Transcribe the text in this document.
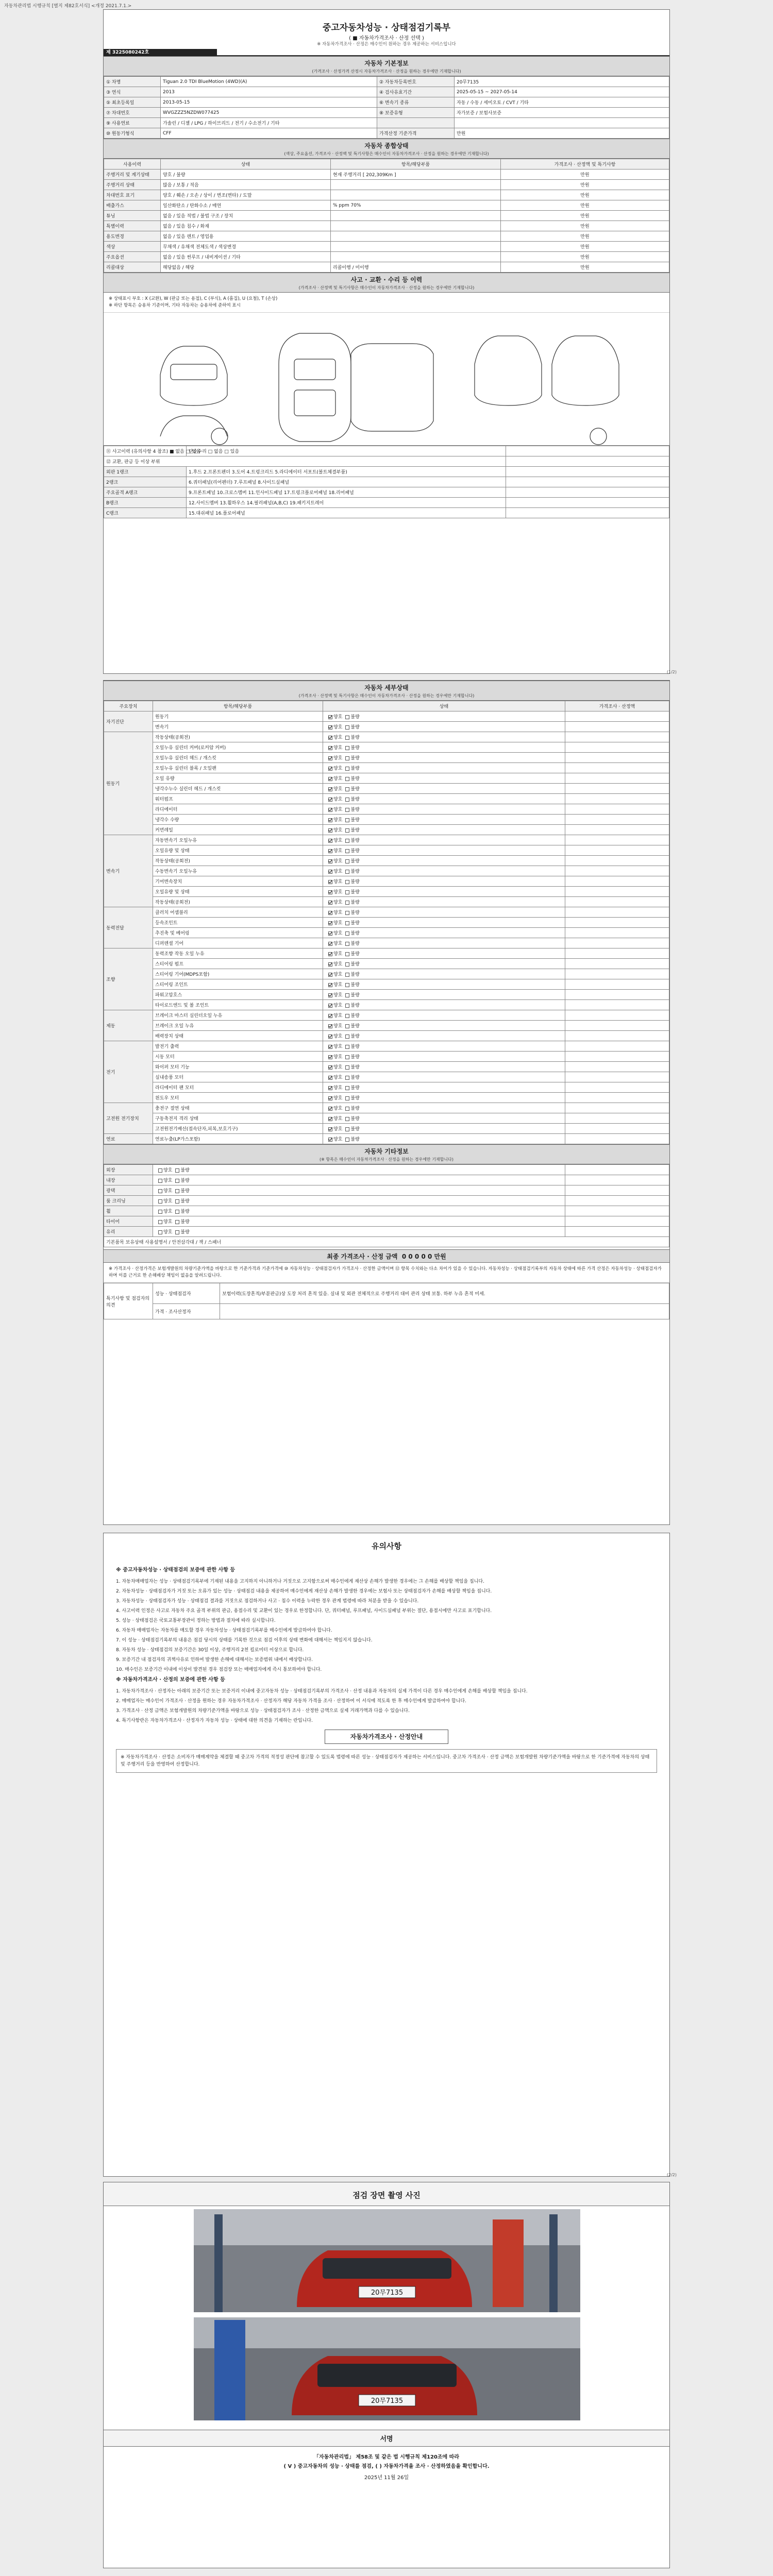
자동차관리법 시행규칙 [별지 제82호서식] <개정 2021.7.1.>
중고자동차성능 · 상태점검기록부
( ■ 자동차가격조사 · 산정 선택 )
※ 자동차가격조사 · 산정은 매수인이 원하는 경우 제공하는 서비스입니다
제 3225080242호
자동차 기본정보
(가격조사 · 산정가격 산정시 자동차가격조사 · 산정을 원하는 경우에만 기재합니다)
① 차명	Tiguan 2.0 TDI BlueMotion (4WD)(A)	② 자동차등록번호	20무7135
③ 연식	2013	④ 검사유효기간	2025-05-15 ~ 2027-05-14
⑤ 최초등록일	2013-05-15	⑥ 변속기 종류	자동 / 수동 / 세미오토 / CVT / 기타
⑦ 차대번호	WVGZZZ5NZDW077425	⑧ 보증유형	자가보증 / 보험사보증
⑨ 사용연료	가솔린 / 디젤 / LPG / 하이브리드 / 전기 / 수소전기 / 기타		
⑩ 원동기형식	CFF	가격산정 기준가격	만원
자동차 종합상태
(색상, 주요옵션, 가격조사 · 산정액 및 특기사항은 매수인이 자동차가격조사 · 산정을 원하는 경우에만 기재합니다)
사용이력	상태	항목/해당부품	가격조사 · 산정액 및 특기사항
주행거리 및 계기상태	양호 / 불량	현재 주행거리 [ 202,309Km ]	만원
주행거리 상태	많음 / 보통 / 적음		만원
차대번호 표기	양호 / 훼손 / 오손 / 상이 / 변조(변타) / 도말		만원
배출가스	일산화탄소 / 탄화수소 / 매연	% ppm 70%	만원
튜닝	없음 / 있음 적법 / 불법 구조 / 장치		만원
특별이력	없음 / 있음 침수 / 화재		만원
용도변경	없음 / 있음 렌트 / 영업용		만원
색상	무채색 / 유채색 전체도색 / 색상변경		만원
주요옵션	없음 / 있음 썬루프 / 내비게이션 / 기타		만원
리콜대상	해당없음 / 해당	리콜이행 / 미이행	만원
사고 · 교환 · 수리 등 이력
(가격조사 · 산정액 및 특기사항은 매수인이 자동차가격조사 · 산정을 원하는 경우에만 기재합니다)
※ 상태표시 부호 : X (교환), W (판금 또는 용접), C (부식), A (흠집), U (요철), T (손상)
※ 하단 항목은 승용차 기준이며, 기타 자동차는 승용차에 준하여 표시
⑪ 사고이력 (유의사항 4 참조) ■ 없음 □ 있음	단순수리 □ 없음 □ 있음	
⑫ 교환, 판금 등 이상 부위		
외판 1랭크	1.후드 2.프론트펜더 3.도어 4.트렁크리드 5.라디에이터 서포트(볼트체결부품)	
2랭크	6.쿼터패널(리어펜더) 7.루프패널 8.사이드실패널	
주요골격 A랭크	9.프론트패널 10.크로스멤버 11.인사이드패널 17.트렁크플로어패널 18.리어패널	
B랭크	12.사이드멤버 13.휠하우스 14.필러패널(A,B,C) 19.패키지트레이	
C랭크	15.대쉬패널 16.플로어패널	
(1/2)
자동차 세부상태
(가격조사 · 산정액 및 특기사항은 매수인이 자동차가격조사 · 산정을 원하는 경우에만 기재합니다)
주요장치	항목/해당부품	상태	가격조사 · 산정액
자기진단	원동기	양호 불량	
	변속기	양호 불량	
원동기	작동상태(공회전)	양호 불량	
	오일누유 실린더 커버(로커암 커버)	양호 불량	
	오일누유 실린더 헤드 / 개스킷	양호 불량	
	오일누유 실린더 블록 / 오일팬	양호 불량	
	오일 유량	양호 불량	
	냉각수누수 실린더 헤드 / 개스킷	양호 불량	
	워터펌프	양호 불량	
	라디에이터	양호 불량	
	냉각수 수량	양호 불량	
	커먼레일	양호 불량	
변속기	자동변속기 오일누유	양호 불량	
	오일유량 및 상태	양호 불량	
	작동상태(공회전)	양호 불량	
	수동변속기 오일누유	양호 불량	
	기어변속장치	양호 불량	
	오일유량 및 상태	양호 불량	
	작동상태(공회전)	양호 불량	
동력전달	클러치 어셈블리	양호 불량	
	등속조인트	양호 불량	
	추진축 및 베어링	양호 불량	
	디퍼렌셜 기어	양호 불량	
조향	동력조향 작동 오일 누유	양호 불량	
	스티어링 펌프	양호 불량	
	스티어링 기어(MDPS포함)	양호 불량	
	스티어링 조인트	양호 불량	
	파워고압호스	양호 불량	
	타이로드엔드 및 볼 조인트	양호 불량	
제동	브레이크 마스터 실린더오일 누유	양호 불량	
	브레이크 오일 누유	양호 불량	
	배력장치 상태	양호 불량	
전기	발전기 출력	양호 불량	
	시동 모터	양호 불량	
	와이퍼 모터 기능	양호 불량	
	실내송풍 모터	양호 불량	
	라디에이터 팬 모터	양호 불량	
	윈도우 모터	양호 불량	
고전원 전기장치	충전구 절연 상태	양호 불량	
	구동축전지 격리 상태	양호 불량	
	고전원전기배선(접속단자,피복,보호기구)	양호 불량	
연료	연료누출(LP가스포함)	양호 불량	
자동차 기타정보
(※ 항목은 매수인이 자동차가격조사 · 산정을 원하는 경우에만 기재합니다)
외장	양호 불량	
내장	양호 불량	
광택	양호 불량	
룸 크리닝	양호 불량	
휠	양호 불량	
타이어	양호 불량	
유리	양호 불량	
기본품목 보유상태 사용설명서 / 안전삼각대 / 잭 / 스패너		
최종 가격조사 · 산정 금액 0 0 0 0 0 만원
※ 가격조사 · 산정가격은 보험개발원의 차량기준가액을 바탕으로 한 기준가격과 기준가격에 ⑩ 자동차성능 · 상태점검자가 가격조사 · 산정한 금액이며 ⑫ 항목 수치와는 다소 차이가 있을 수 있습니다. 자동차성능 · 상태점검기록부의 자동차 상태에 따른 가격 산정은 자동차성능 · 상태점검자가 하며 이를 근거로 한 손해배상 책임이 없음을 알려드립니다.
특기사항 및 점검자의 의견	성능 · 상태점검자	보험이력(도장흔적/부분판금)상 도장 처리 흔적 있음. 실내 및 외관 전체적으로 주행거리 대비 관리 상태 보통. 하부 누유 흔적 미세.
	가격 · 조사산정자	
유의사항
※ 중고자동차성능 · 상태점검의 보증에 관한 사항 등

1. 자동차매매업자는 성능 · 상태점검기록부에 기재된 내용을 고지하지 아니하거나 거짓으로 고지함으로써 매수인에게 재산상 손해가 발생한 경우에는 그 손해를 배상할 책임을 집니다.

2. 자동차성능 · 상태점검자가 거짓 또는 오류가 있는 성능 · 상태점검 내용을 제공하여 매수인에게 재산상 손해가 발생한 경우에는 보험사 또는 상태점검자가 손해를 배상할 책임을 집니다.

3. 자동차성능 · 상태점검자가 성능 · 상태점검 결과를 거짓으로 점검하거나 사고 · 침수 이력을 누락한 경우 관계 법령에 따라 처분을 받을 수 있습니다.

4. 사고이력 인정은 사고로 자동차 주요 골격 부위의 판금, 용접수리 및 교환이 있는 경우로 한정합니다. 단, 쿼터패널, 루프패널, 사이드실패널 부위는 절단, 용접시에만 사고로 표기합니다.

5. 성능 · 상태점검은 국토교통부장관이 정하는 방법과 절차에 따라 실시합니다.

6. 자동차 매매업자는 자동차를 매도할 경우 자동차성능 · 상태점검기록부를 매수인에게 발급하여야 합니다.

7. 이 성능 · 상태점검기록부의 내용은 점검 당시의 상태를 기록한 것으로 점검 이후의 상태 변화에 대해서는 책임지지 않습니다.

8. 자동차 성능 · 상태점검의 보증기간은 30일 이상, 주행거리 2천 킬로미터 이상으로 합니다.

9. 보증기간 내 점검자의 귀책사유로 인하여 발생한 손해에 대해서는 보증범위 내에서 배상합니다.

10. 매수인은 보증기간 이내에 이상이 발견된 경우 점검장 또는 매매업자에게 즉시 통보하여야 합니다.

※ 자동차가격조사 · 산정의 보증에 관한 사항 등

1. 자동차가격조사 · 산정자는 아래의 보증기간 또는 보증거리 이내에 중고자동차 성능 · 상태점검기록부의 가격조사 · 산정 내용과 자동차의 실제 가격이 다른 경우 매수인에게 손해를 배상할 책임을 집니다.

2. 매매업자는 매수인이 가격조사 · 산정을 원하는 경우 자동차가격조사 · 산정자가 해당 자동차 가격을 조사 · 산정하여 이 서식에 적도록 한 후 매수인에게 발급하여야 합니다.

3. 가격조사 · 산정 금액은 보험개발원의 차량기준가액을 바탕으로 성능 · 상태점검자가 조사 · 산정한 금액으로 실제 거래가액과 다를 수 있습니다.

4. 특기사항란은 자동차가격조사 · 산정자가 자동차 성능 · 상태에 대한 의견을 기재하는 란입니다.

자동차가격조사 · 산정안내

※ 자동차가격조사 · 산정은 소비자가 매매계약을 체결할 때 중고차 가격의 적정성 판단에 참고할 수 있도록 법령에 따른 성능 · 상태점검자가 제공하는 서비스입니다. 중고차 가격조사 · 산정 금액은 보험개발원 차량기준가액을 바탕으로 한 기준가격에 자동차의 상태 및 주행거리 등을 반영하여 산정합니다.

(2/2)
점검 장면 촬영 사진
20무7135
20무7135
서명
「자동차관리법」 제58조 및 같은 법 시행규칙 제120조에 따라
( V ) 중고자동차의 성능 · 상태를 점검, ( ) 자동차가격을 조사 · 산정하였음을 확인합니다.
2025년 11월 26일
